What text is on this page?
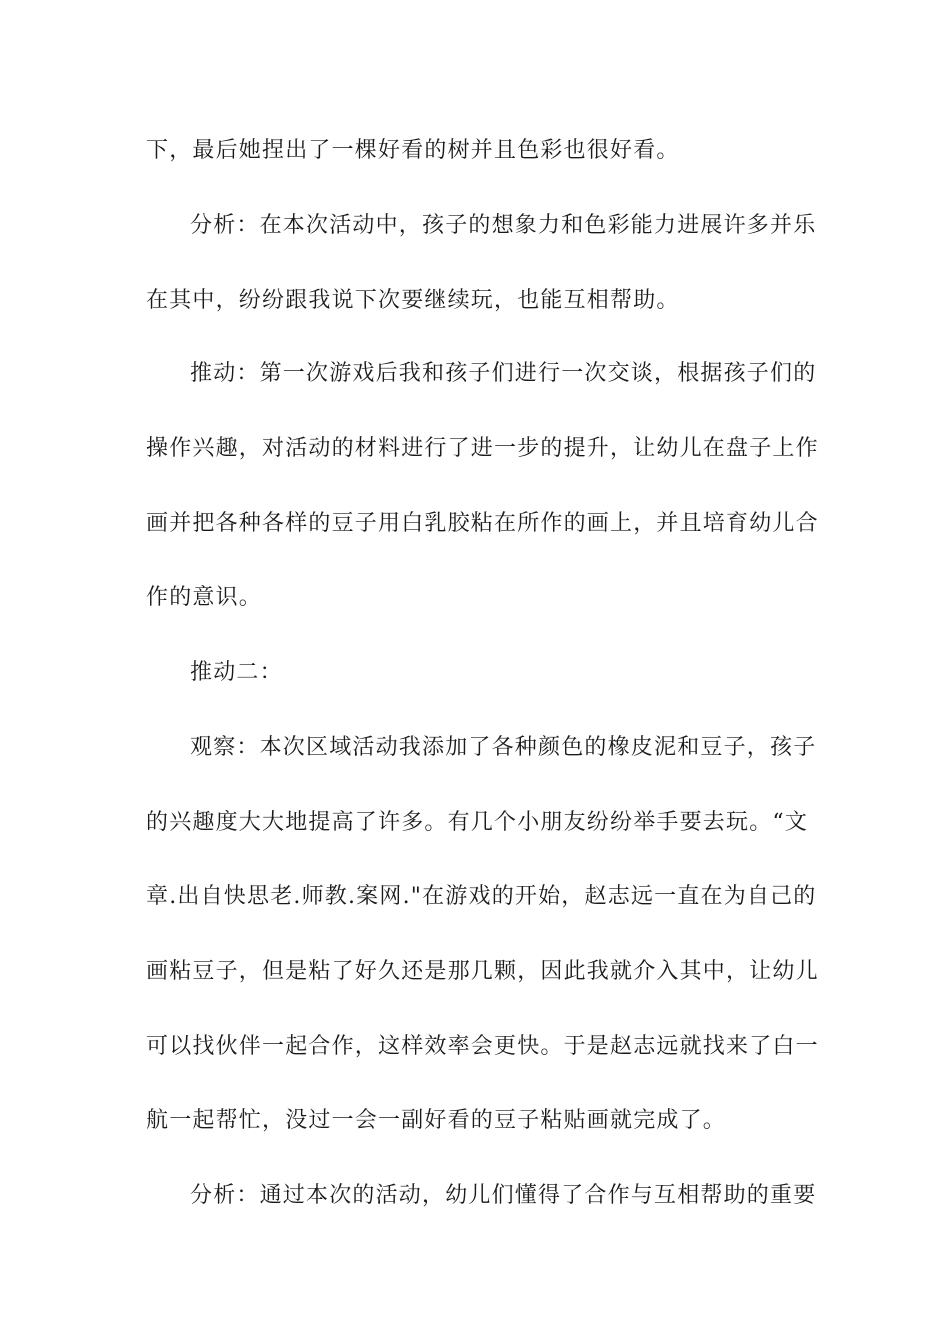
下，最后她捏出了一棵好看的树并且色彩也很好看。
分析：在本次活动中，孩子的想象力和色彩能力进展许多并乐
在其中，纷纷跟我说下次要继续玩，也能互相帮助。
推动：第一次游戏后我和孩子们进行一次交谈，根据孩子们的
操作兴趣，对活动的材料进行了进一步的提升，让幼儿在盘子上作
画并把各种各样的豆子用白乳胶粘在所作的画上，并且培育幼儿合
作的意识。
推动二：
观察：本次区域活动我添加了各种颜色的橡皮泥和豆子，孩子
的兴趣度大大地提高了许多。有几个小朋友纷纷举手要去玩。“文
章.出自快思老.师教.案网."在游戏的开始，赵志远一直在为自己的
画粘豆子，但是粘了好久还是那几颗，因此我就介入其中，让幼儿
可以找伙伴一起合作，这样效率会更快。于是赵志远就找来了白一
航一起帮忙，没过一会一副好看的豆子粘贴画就完成了。
分析：通过本次的活动，幼儿们懂得了合作与互相帮助的重要
